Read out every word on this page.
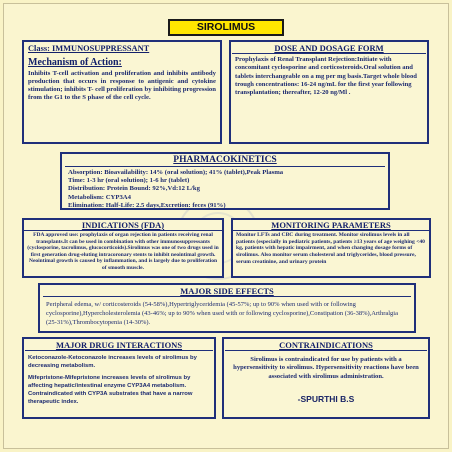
SIROLIMUS
Class: IMMUNOSUPPRESSANT
Mechanism of Action:
Inhibits T-cell activation and proliferation and inhibits antibody production that occurs in response to antigenic and cytokine stimulation; inhibits T- cell proliferation by inhibiting progression from the G1 to the S phase of the cell cycle.
DOSE AND DOSAGE FORM
Prophylaxis of Renal Transplant Rejection:Initiate with concomitant cyclosporine and corticosteroids.Oral solution and tablets interchangeable on a mg per mg basis.Target whole blood trough concentrations: 16-24 ng/mL for the first year following transplantation; thereafter, 12-20 ng/Ml .
PHARMACOKINETICS
Absorption: Bioavailability: 14% (oral solution); 41% (tablet),Peak Plasma
Time: 1-3 hr (oral solution); 1-6 hr (tablet)
Distribution: Protein Bound: 92%,Vd:12 L/kg
Metabolism: CYP3A4
Elimination: Half-Life: 2.5 days,Excretion: feces (91%)
INDICATIONS (FDA)
FDA approved use: prophylaxis of organ rejection in patients receiving renal transplants.It can be used in combination with other immunosuppressants (cyclosporine, tacrolimus, glucocorticoids).Sirolimus was one of two drugs used in first generation drug-eluting intracoronary stents to inhibit neointimal growth. Neointimal growth is caused by inflammation, and is largely due to proliferation of smooth muscle.
MONITORING PARAMETERS
Monitor LFTs and CBC during treatment. Monitor sirolimus levels in all patients (especially in pediatric patients, patients ≥13 years of age weighing <40 kg, patients with hepatic impairment, and when changing dosage forms of sirolimus. Also monitor serum cholesterol and triglycerides, blood pressure, serum creatinine, and urinary protein
MAJOR SIDE EFFECTS
Peripheral edema, w/ corticosteroids (54-58%),Hypertriglyceridemia (45-57%; up to 90% when used with or following cyclosporine),Hypercholesterolemia (43-46%; up to 90% when used with or following cyclosporine),Constipation (36-38%),Arthralgia (25-31%),Thrombocytopenia (14-30%).
MAJOR DRUG INTERACTIONS
Ketoconazole-Ketoconazole increases levels of sirolimus by decreasing metabolism.
Mifepristone-Mifepristone increases levels of sirolimus by affecting hepatic/intestinal enzyme CYP3A4 metabolism. Contraindicated with CYP3A substrates that have a narrow therapeutic index.
CONTRAINDICATIONS
Sirolimus is contraindicated for use by patients with a hypersensitivity to sirolimus. Hypersensitivity reactions have been associated with sirolimus administration.
-SPURTHI B.S
